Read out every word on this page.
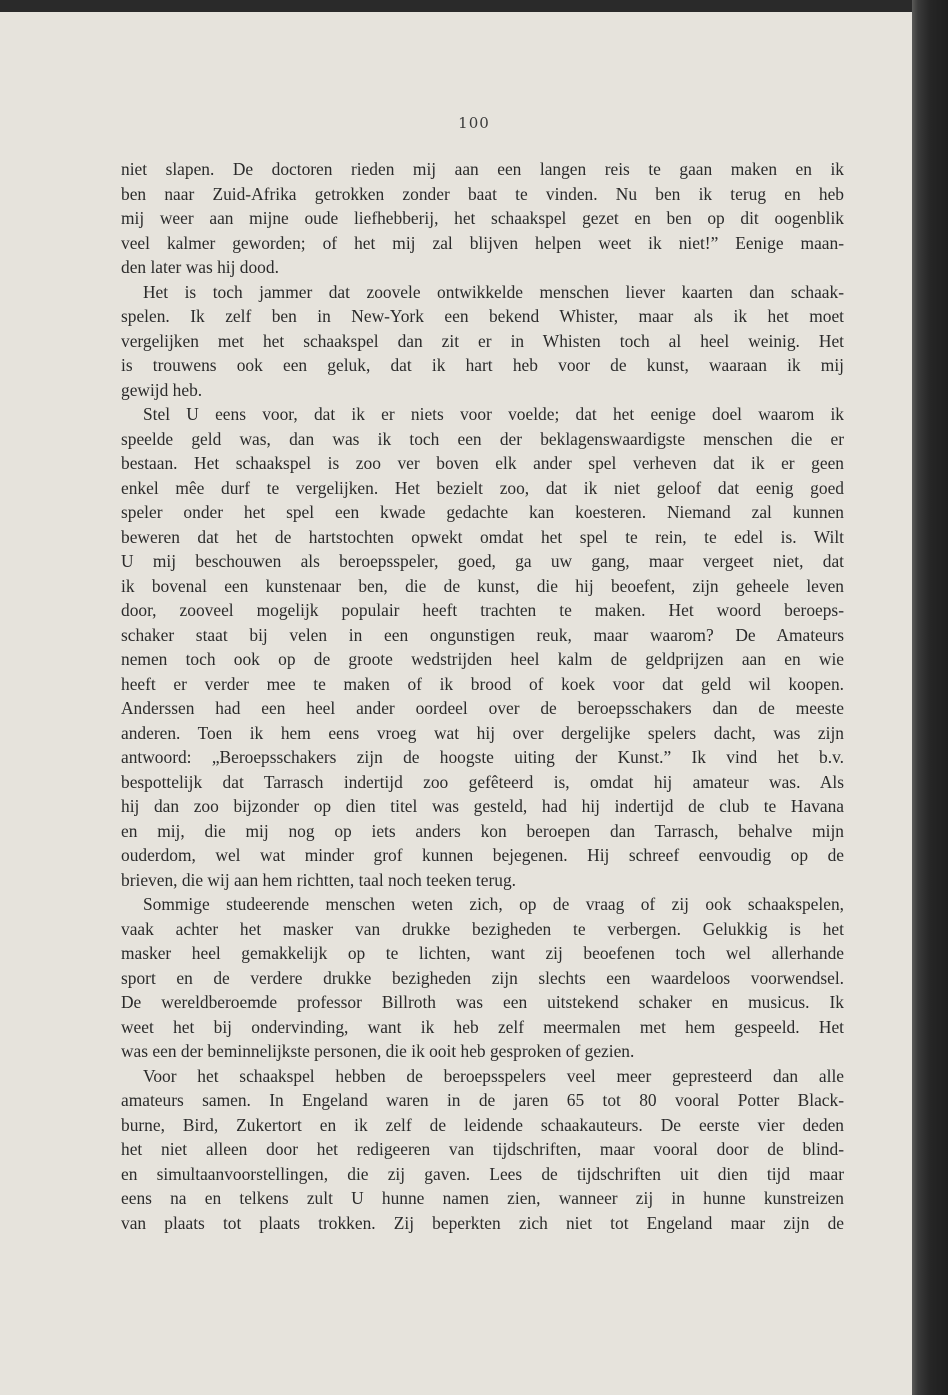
100
niet slapen. De doctoren rieden mij aan een langen reis te gaan maken en ik
ben naar Zuid-Afrika getrokken zonder baat te vinden. Nu ben ik terug en heb
mij weer aan mijne oude liefhebberij, het schaakspel gezet en ben op dit oogenblik
veel kalmer geworden; of het mij zal blijven helpen weet ik niet!” Eenige maan-
den later was hij dood.
Het is toch jammer dat zoovele ontwikkelde menschen liever kaarten dan schaak-
spelen. Ik zelf ben in New-York een bekend Whister, maar als ik het moet
vergelijken met het schaakspel dan zit er in Whisten toch al heel weinig. Het
is trouwens ook een geluk, dat ik hart heb voor de kunst, waaraan ik mij
gewijd heb.
Stel U eens voor, dat ik er niets voor voelde; dat het eenige doel waarom ik
speelde geld was, dan was ik toch een der beklagenswaardigste menschen die er
bestaan. Het schaakspel is zoo ver boven elk ander spel verheven dat ik er geen
enkel mêe durf te vergelijken. Het bezielt zoo, dat ik niet geloof dat eenig goed
speler onder het spel een kwade gedachte kan koesteren. Niemand zal kunnen
beweren dat het de hartstochten opwekt omdat het spel te rein, te edel is. Wilt
U mij beschouwen als beroepsspeler, goed, ga uw gang, maar vergeet niet, dat
ik bovenal een kunstenaar ben, die de kunst, die hij beoefent, zijn geheele leven
door, zooveel mogelijk populair heeft trachten te maken. Het woord beroeps-
schaker staat bij velen in een ongunstigen reuk, maar waarom? De Amateurs
nemen toch ook op de groote wedstrijden heel kalm de geldprijzen aan en wie
heeft er verder mee te maken of ik brood of koek voor dat geld wil koopen.
Anderssen had een heel ander oordeel over de beroepsschakers dan de meeste
anderen. Toen ik hem eens vroeg wat hij over dergelijke spelers dacht, was zijn
antwoord: „Beroepsschakers zijn de hoogste uiting der Kunst.” Ik vind het b.v.
bespottelijk dat Tarrasch indertijd zoo gefêteerd is, omdat hij amateur was. Als
hij dan zoo bijzonder op dien titel was gesteld, had hij indertijd de club te Havana
en mij, die mij nog op iets anders kon beroepen dan Tarrasch, behalve mijn
ouderdom, wel wat minder grof kunnen bejegenen. Hij schreef eenvoudig op de
brieven, die wij aan hem richtten, taal noch teeken terug.
Sommige studeerende menschen weten zich, op de vraag of zij ook schaakspelen,
vaak achter het masker van drukke bezigheden te verbergen. Gelukkig is het
masker heel gemakkelijk op te lichten, want zij beoefenen toch wel allerhande
sport en de verdere drukke bezigheden zijn slechts een waardeloos voorwendsel.
De wereldberoemde professor Billroth was een uitstekend schaker en musicus. Ik
weet het bij ondervinding, want ik heb zelf meermalen met hem gespeeld. Het
was een der beminnelijkste personen, die ik ooit heb gesproken of gezien.
Voor het schaakspel hebben de beroepsspelers veel meer gepresteerd dan alle
amateurs samen. In Engeland waren in de jaren 65 tot 80 vooral Potter Black-
burne, Bird, Zukertort en ik zelf de leidende schaakauteurs. De eerste vier deden
het niet alleen door het redigeeren van tijdschriften, maar vooral door de blind-
en simultaanvoorstellingen, die zij gaven. Lees de tijdschriften uit dien tijd maar
eens na en telkens zult U hunne namen zien, wanneer zij in hunne kunstreizen
van plaats tot plaats trokken. Zij beperkten zich niet tot Engeland maar zijn de
